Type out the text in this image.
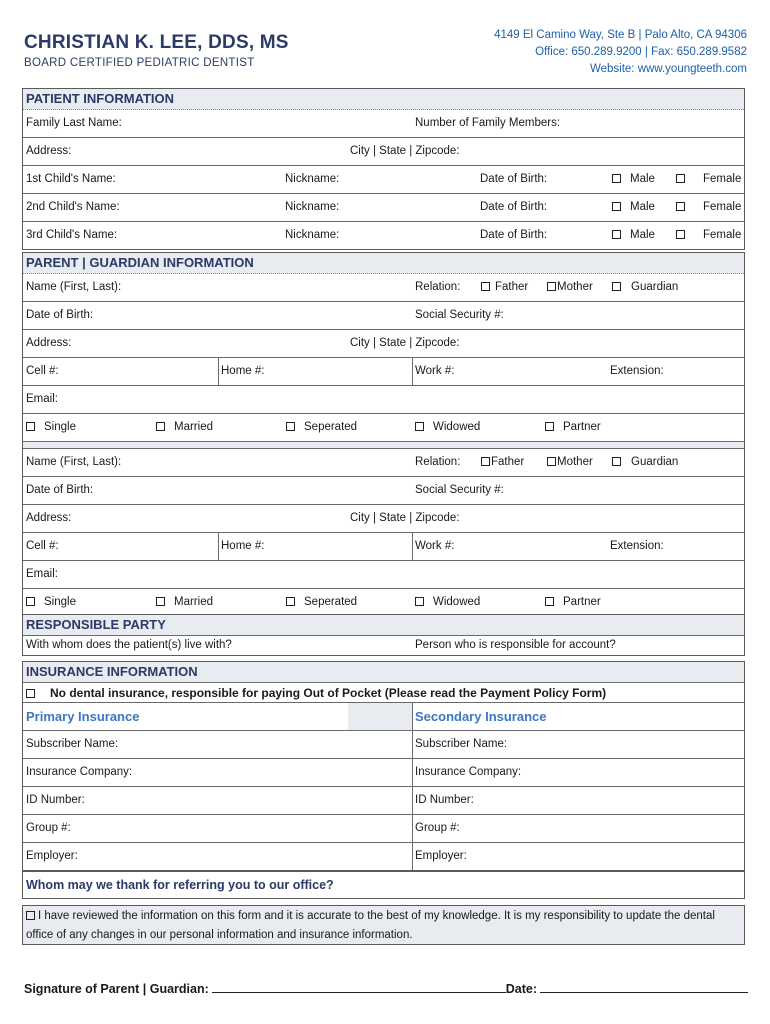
CHRISTIAN K. LEE, DDS, MS
BOARD CERTIFIED PEDIATRIC DENTIST
4149 El Camino Way, Ste B | Palo Alto, CA 94306
Office: 650.289.9200 | Fax: 650.289.9582
Website: www.youngteeth.com
PATIENT INFORMATION
Family Last Name:	Number of Family Members:
Address:	City | State | Zipcode:
1st Child's Name:	Nickname:	Date of Birth:	Male	Female
2nd Child's Name:	Nickname:	Date of Birth:	Male	Female
3rd Child's Name:	Nickname:	Date of Birth:	Male	Female
PARENT | GUARDIAN INFORMATION
Name (First, Last):	Relation:	Father	Mother	Guardian
Date of Birth:	Social Security #:
Address:	City | State | Zipcode:
Cell #:	Home #:	Work #:	Extension:
Email:
Single	Married	Seperated	Widowed	Partner
Name (First, Last):	Relation:	Father	Mother	Guardian
Date of Birth:	Social Security #:
Address:	City | State | Zipcode:
Cell #:	Home #:	Work #:	Extension:
Email:
Single	Married	Seperated	Widowed	Partner
RESPONSIBLE PARTY
With whom does the patient(s) live with?	Person who is responsible for account?
INSURANCE INFORMATION
No dental insurance, responsible for paying Out of Pocket (Please read the Payment Policy Form)
Primary Insurance	Secondary Insurance
Subscriber Name:	Subscriber Name:
Insurance Company:	Insurance Company:
ID Number:	ID Number:
Group #:	Group #:
Employer:	Employer:
Whom may we thank for referring you to our office?
I have reviewed the information on this form and it is accurate to the best of my knowledge. It is my responsibility to update the dental
office of any changes in our personal information and insurance information.
Signature of Parent | Guardian:	Date:
